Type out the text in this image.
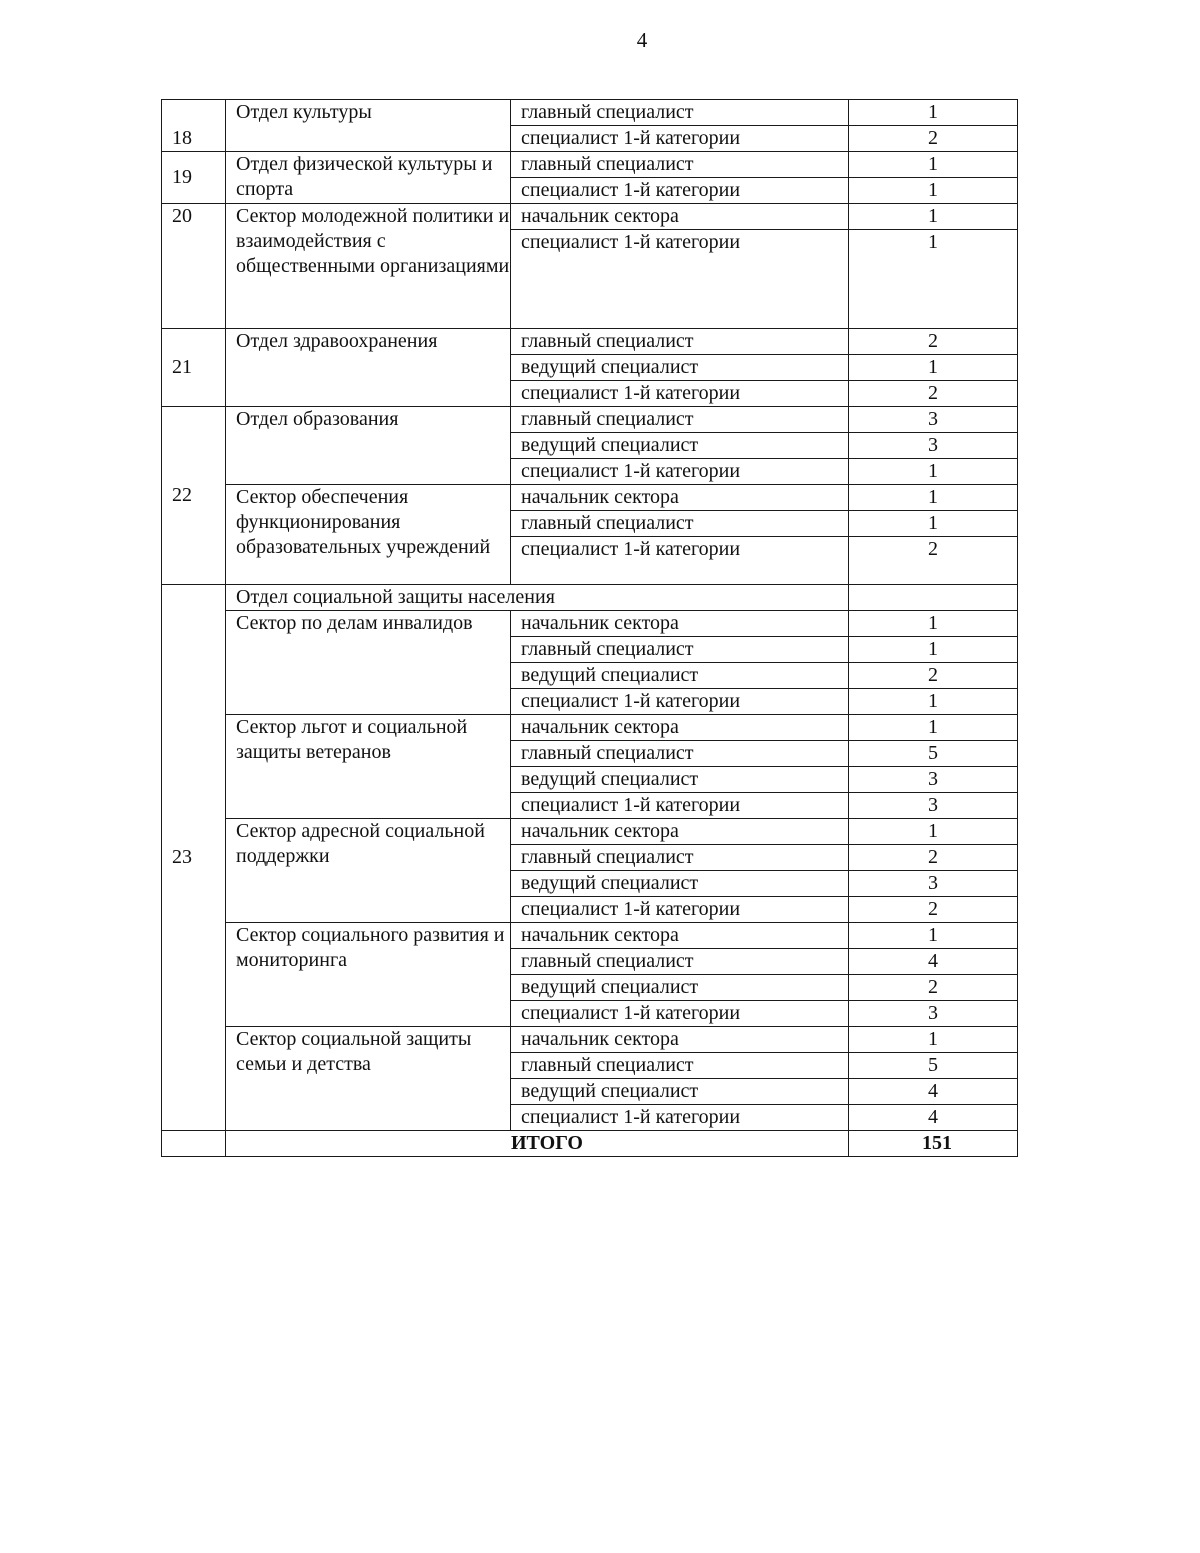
4
18	Отдел культуры	главный специалист	1
		специалист 1-й категории	2
19	Отдел физической культуры и спорта	главный специалист	1
		специалист 1-й категории	1
20	Сектор молодежной политики и взаимодействия с общественными организациями	начальник сектора	1
		специалист 1-й категории	1
21	Отдел здравоохранения	главный специалист	2
		ведущий специалист	1
		специалист 1-й категории	2
22	Отдел образования	главный специалист	3
		ведущий специалист	3
		специалист 1-й категории	1
	Сектор обеспечения функционирования образовательных учреждений	начальник сектора	1
		главный специалист	1
		специалист 1-й категории	2
23	Отдел социальной защиты населения		
	Сектор по делам инвалидов	начальник сектора	1
		главный специалист	1
		ведущий специалист	2
		специалист 1-й категории	1
	Сектор льгот и социальной защиты ветеранов	начальник сектора	1
		главный специалист	5
		ведущий специалист	3
		специалист 1-й категории	3
	Сектор адресной социальной поддержки	начальник сектора	1
		главный специалист	2
		ведущий специалист	3
		специалист 1-й категории	2
	Сектор социального развития и мониторинга	начальник сектора	1
		главный специалист	4
		ведущий специалист	2
		специалист 1-й категории	3
	Сектор социальной защиты семьи и детства	начальник сектора	1
		главный специалист	5
		ведущий специалист	4
		специалист 1-й категории	4
	ИТОГО		151
